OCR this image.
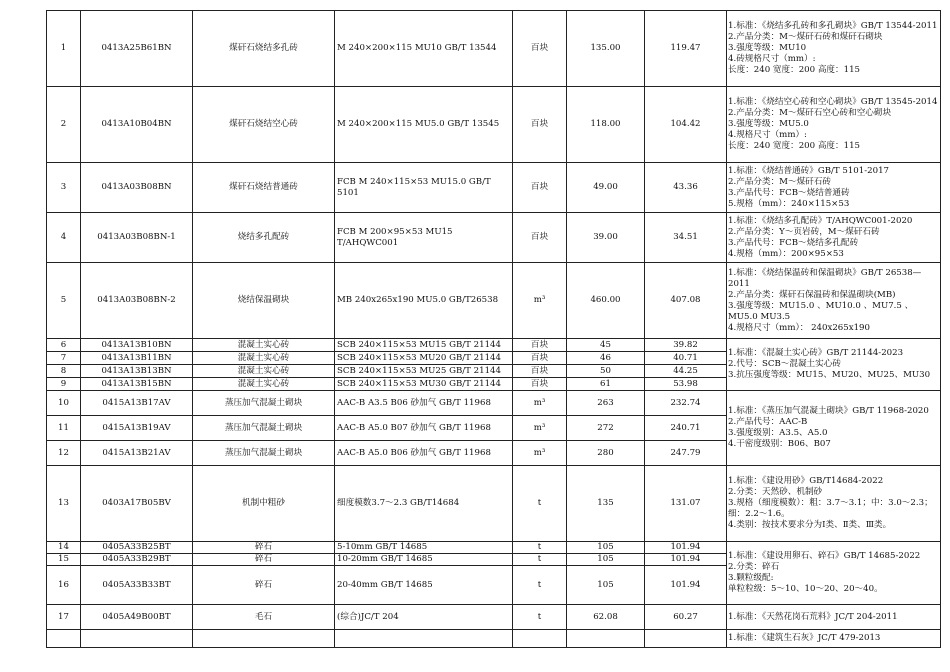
1	0413A25B61BN	煤矸石烧结多孔砖	M 240×200×115 MU10 GB/T 13544	百块	135.00	119.47	1.标准：《烧结多孔砖和多孔砌块》GB/T 13544-2011
2.产品分类：M～煤矸石砖和煤矸石砌块
3.强度等级：MU10
4.砖规格尺寸（mm）:
长度：240 宽度：200 高度：115

2	0413A10B04BN	煤矸石烧结空心砖	M 240×200×115 MU5.0 GB/T 13545	百块	118.00	104.42	1.标准：《烧结空心砖和空心砌块》GB/T 13545-2014
2.产品分类：M～煤矸石空心砖和空心砌块
3.强度等级：MU5.0
4.规格尺寸（mm）:
长度：240 宽度：200 高度：115

3	0413A03B08BN	煤矸石烧结普通砖	FCB M 240×115×53 MU15.0 GB/T 5101	百块	49.00	43.36	1.标准：《烧结普通砖》GB/T 5101-2017
2.产品分类：M～煤矸石砖
3.产品代号：FCB～烧结普通砖
5.规格（mm）：240×115×53

4	0413A03B08BN-1	烧结多孔配砖	FCB M 200×95×53 MU15 T/AHQWC001	百块	39.00	34.51	1.标准：《烧结多孔配砖》T/AHQWC001-2020
2.产品分类：Y～页岩砖，M～煤矸石砖
3.产品代号：FCB～烧结多孔配砖
4.规格（mm）：200×95×53

5	0413A03B08BN-2	烧结保温砌块	MB 240x265x190 MU5.0 GB/T26538	m³	460.00	407.08	1.标准：《烧结保温砖和保温砌块》GB/T 26538—2011
2.产品分类：煤矸石保温砖和保温砌块(MB)
3.强度等级：MU15.0 、MU10.0 、MU7.5 、MU5.0 MU3.5
4.规格尺寸（mm）： 240x265x190

6	0413A13B10BN	混凝土实心砖	SCB 240×115×53 MU15 GB/T 21144	百块	45	39.82	1.标准：《混凝土实心砖》GB/T 21144-2023
2.代号：SCB～混凝土实心砖
3.抗压强度等级：MU15、MU20、MU25、MU30

7	0413A13B11BN	混凝土实心砖	SCB 240×115×53 MU20 GB/T 21144	百块	46	40.71	
8	0413A13B13BN	混凝土实心砖	SCB 240×115×53 MU25 GB/T 21144	百块	50	44.25	
9	0413A13B15BN	混凝土实心砖	SCB 240×115×53 MU30 GB/T 21144	百块	61	53.98	
10	0415A13B17AV	蒸压加气混凝土砌块	AAC-B A3.5 B06 砂加气 GB/T 11968	m³	263	232.74	1.标准：《蒸压加气混凝土砌块》GB/T 11968-2020
2.产品代号：AAC-B
3.强度级别：A3.5、A5.0
4.干密度级别：B06、B07

11	0415A13B19AV	蒸压加气混凝土砌块	AAC-B A5.0 B07 砂加气 GB/T 11968	m³	272	240.71	
12	0415A13B21AV	蒸压加气混凝土砌块	AAC-B A5.0 B06 砂加气 GB/T 11968	m³	280	247.79	
13	0403A17B05BV	机制中粗砂	细度模数3.7～2.3 GB/T14684	t	135	131.07	1.标准：《建设用砂》GB/T14684-2022
2.分类：天然砂、机制砂
3.规格（细度模数）：粗：3.7～3.1；中：3.0～2.3；细：2.2～1.6。
4.类别：按技术要求分为Ⅰ类、Ⅱ类、Ⅲ类。

14	0405A33B25BT	碎石	5-10mm GB/T 14685	t	105	101.94	1.标准：《建设用卵石、碎石》GB/T 14685-2022
2.分类：碎石
3.颗粒级配:
单粒粒级：5～10、10～20、20～40。

15	0405A33B29BT	碎石	10-20mm GB/T 14685	t	105	101.94	
16	0405A33B33BT	碎石	20-40mm GB/T 14685	t	105	101.94	
17	0405A49B00BT	毛石	(综合)JC/T 204	t	62.08	60.27	1.标准：《天然花岗石荒料》JC/T 204-2011

							1.标准：《建筑生石灰》JC/T 479-2013
